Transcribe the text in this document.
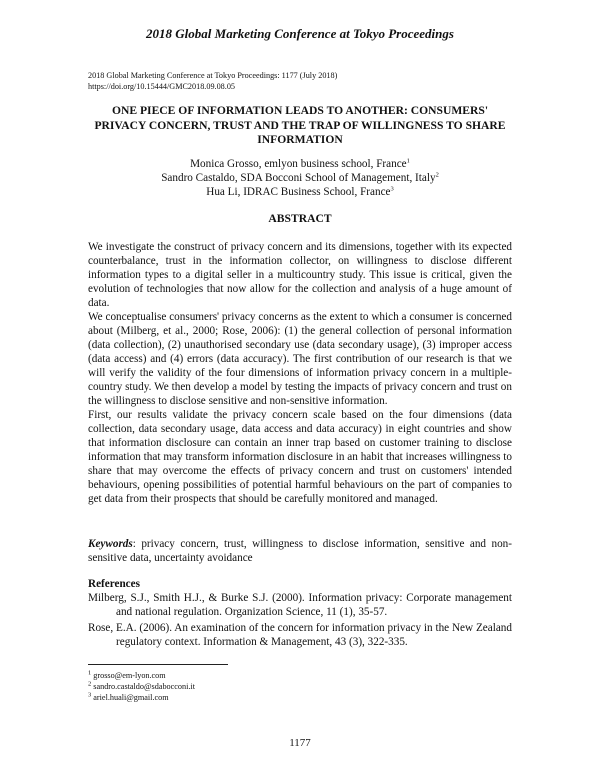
2018 Global Marketing Conference at Tokyo Proceedings
2018 Global Marketing Conference at Tokyo Proceedings: 1177 (July 2018)
https://doi.org/10.15444/GMC2018.09.08.05
ONE PIECE OF INFORMATION LEADS TO ANOTHER: CONSUMERS' PRIVACY CONCERN, TRUST AND THE TRAP OF WILLINGNESS TO SHARE INFORMATION
Monica Grosso, emlyon business school, France$^1$
Sandro Castaldo, SDA Bocconi School of Management, Italy$^2$
Hua Li, IDRAC Business School, France$^3$
ABSTRACT

We investigate the construct of privacy concern and its dimensions, together with its expected counterbalance, trust in the information collector, on willingness to disclose different information types to a digital seller in a multicountry study. This issue is critical, given the evolution of technologies that now allow for the collection and analysis of a huge amount of data.

We conceptualise consumers' privacy concerns as the extent to which a consumer is concerned about (Milberg, et al., 2000; Rose, 2006): (1) the general collection of personal information (data collection), (2) unauthorised secondary use (data secondary usage), (3) improper access (data access) and (4) errors (data accuracy). The first contribution of our research is that we will verify the validity of the four dimensions of information privacy concern in a multiple-country study. We then develop a model by testing the impacts of privacy concern and trust on the willingness to disclose sensitive and non-sensitive information.

First, our results validate the privacy concern scale based on the four dimensions (data collection, data secondary usage, data access and data accuracy) in eight countries and show that information disclosure can contain an inner trap based on customer training to disclose information that may transform information disclosure in an habit that increases willingness to share that may overcome the effects of privacy concern and trust on customers' intended behaviours, opening possibilities of potential harmful behaviours on the part of companies to get data from their prospects that should be carefully monitored and managed.

Keywords: privacy concern, trust, willingness to disclose information, sensitive and non-sensitive data, uncertainty avoidance
References
Milberg, S.J., Smith H.J., & Burke S.J. (2000). Information privacy: Corporate management and national regulation. Organization Science, 11 (1), 35-57.
Rose, E.A. (2006). An examination of the concern for information privacy in the New Zealand regulatory context. Information & Management, 43 (3), 322-335.
$^1$ grosso@em-lyon.com
$^2$ sandro.castaldo@sdabocconi.it
$^3$ ariel.huali@gmail.com
1177
